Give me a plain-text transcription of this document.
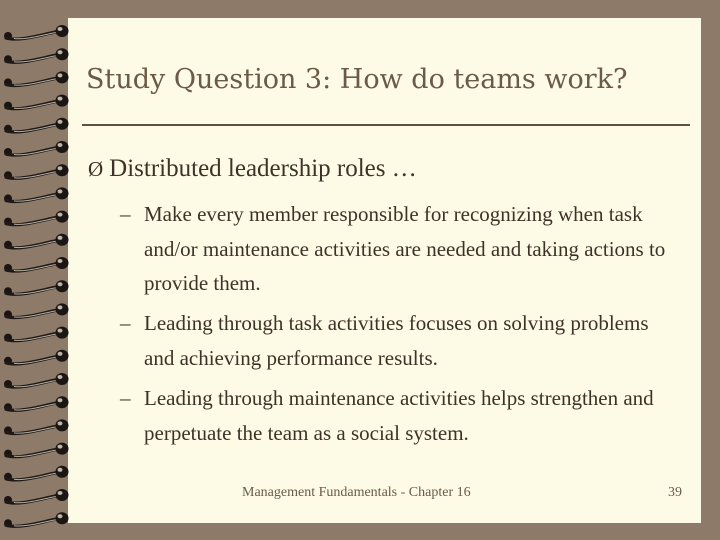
Study Question 3: How do teams work?
Ø Distributed leadership roles …
– Make every member responsible for recognizing when task and/or maintenance activities are needed and taking actions to provide them.
– Leading through task activities focuses on solving problems and achieving performance results.
– Leading through maintenance activities helps strengthen and perpetuate the team as a social system.
Management Fundamentals - Chapter 16	39
